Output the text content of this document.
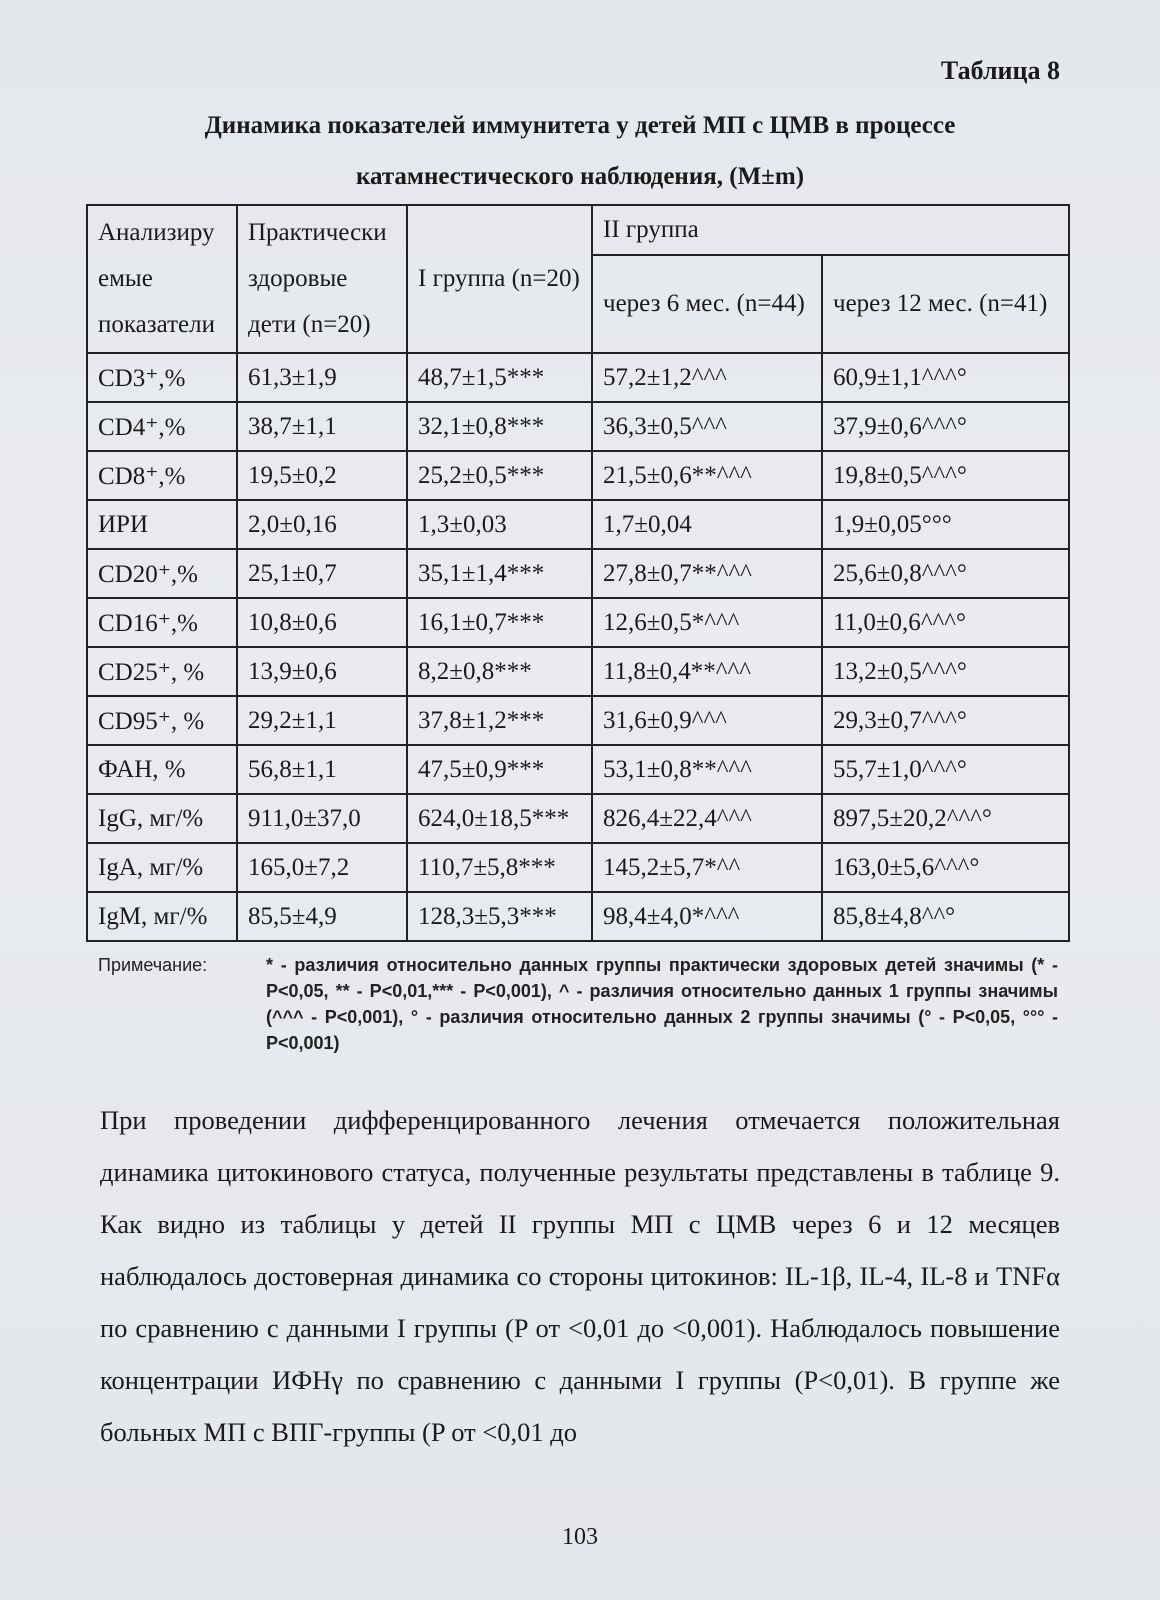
Таблица 8
Динамика показателей иммунитета у детей МП с ЦМВ в процессе
катамнестического наблюдения, (M±m)
Анализиру емые показатели	Практически здоровые дети (n=20)	I группа (n=20)	II группа	
			через 6 мес. (n=44)	через 12 мес. (n=41)
CD3⁺,%	61,3±1,9	48,7±1,5***	57,2±1,2^^^	60,9±1,1^^^°
CD4⁺,%	38,7±1,1	32,1±0,8***	36,3±0,5^^^	37,9±0,6^^^°
CD8⁺,%	19,5±0,2	25,2±0,5***	21,5±0,6**^^^	19,8±0,5^^^°
ИРИ	2,0±0,16	1,3±0,03	1,7±0,04	1,9±0,05°°°
CD20⁺,%	25,1±0,7	35,1±1,4***	27,8±0,7**^^^	25,6±0,8^^^°
CD16⁺,%	10,8±0,6	16,1±0,7***	12,6±0,5*^^^	11,0±0,6^^^°
CD25⁺, %	13,9±0,6	8,2±0,8***	11,8±0,4**^^^	13,2±0,5^^^°
CD95⁺, %	29,2±1,1	37,8±1,2***	31,6±0,9^^^	29,3±0,7^^^°
ФАН, %	56,8±1,1	47,5±0,9***	53,1±0,8**^^^	55,7±1,0^^^°
IgG, мг/%	911,0±37,0	624,0±18,5***	826,4±22,4^^^	897,5±20,2^^^°
IgA, мг/%	165,0±7,2	110,7±5,8***	145,2±5,7*^^	163,0±5,6^^^°
IgM, мг/%	85,5±4,9	128,3±5,3***	98,4±4,0*^^^	85,8±4,8^^°
Примечание:	* - различия относительно данных группы практически здоровых детей значимы (* - P<0,05, ** - P<0,01,*** - P<0,001), ^ - различия относительно данных 1 группы значимы (^^^ - P<0,001), ° - различия относительно данных 2 группы значимы (° - P<0,05, °°° - P<0,001)
При проведении дифференцированного лечения отмечается положительная динамика цитокинового статуса, полученные результаты представлены в таблице 9. Как видно из таблицы у детей II группы МП с ЦМВ через 6 и 12 месяцев наблюдалось достоверная динамика со стороны цитокинов: IL-1β, IL-4, IL-8 и TNFα по сравнению с данными I группы (P от <0,01 до <0,001). Наблюдалось повышение концентрации ИФНγ по сравнению с данными I группы (P<0,01). В группе же больных МП с ВПГ-группы (P от <0,01 до
103
